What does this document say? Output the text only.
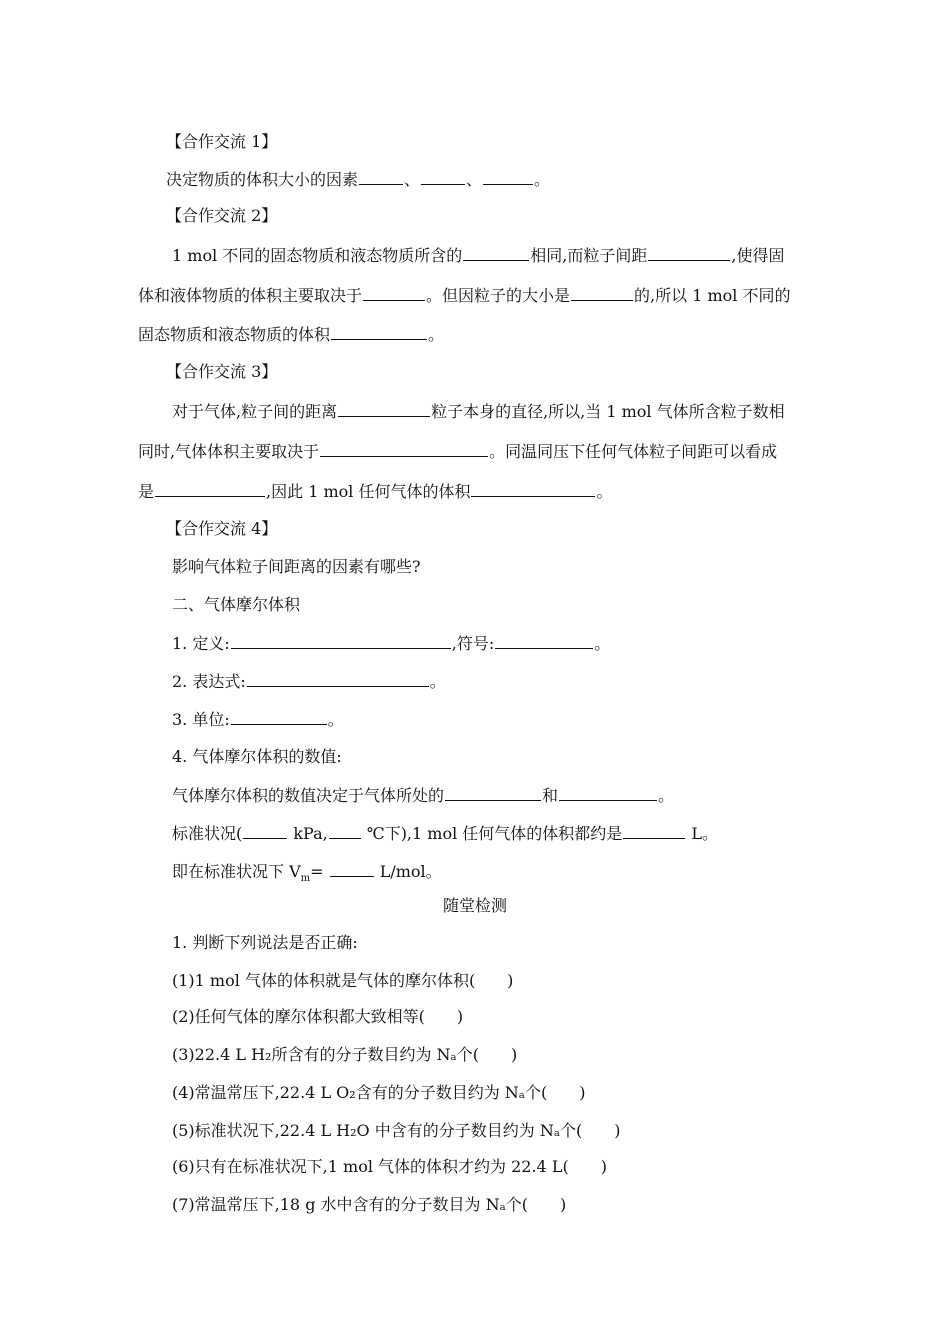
【合作交流 1】
决定物质的体积大小的因素	、	、	。
【合作交流 2】
1 mol 不同的固态物质和液态物质所含的	相同,而粒子间距	,使得固
体和液体物质的体积主要取决于	。但因粒子的大小是	的,所以 1 mol 不同的
固态物质和液态物质的体积	。
【合作交流 3】
对于气体,粒子间的距离	粒子本身的直径,所以,当 1 mol 气体所含粒子数相
同时,气体体积主要取决于	。同温同压下任何气体粒子间距可以看成
是	,因此 1 mol 任何气体的体积	。
【合作交流 4】
影响气体粒子间距离的因素有哪些?
二、气体摩尔体积
1. 定义:	,符号:	。
2. 表达式:	。
3. 单位:	。
4. 气体摩尔体积的数值:
气体摩尔体积的数值决定于气体所处的	和	。
标准状况(	kPa, ℃下),1 mol 任何气体的体积都约是	L。
即在标准状况下 $V_m=$	L/mol。
随堂检测
1. 判断下列说法是否正确:
(1)1 mol 气体的体积就是气体的摩尔体积(　　)
(2)任何气体的摩尔体积都大致相等(　　)
(3)22.4 L H₂所含有的分子数目约为 Nₐ个(　　)
(4)常温常压下,22.4 L O₂含有的分子数目约为 Nₐ个(　　)
(5)标准状况下,22.4 L H₂O 中含有的分子数目约为 Nₐ个(　　)
(6)只有在标准状况下,1 mol 气体的体积才约为 22.4 L(　　)
(7)常温常压下,18 g 水中含有的分子数目为 Nₐ个(　　)
